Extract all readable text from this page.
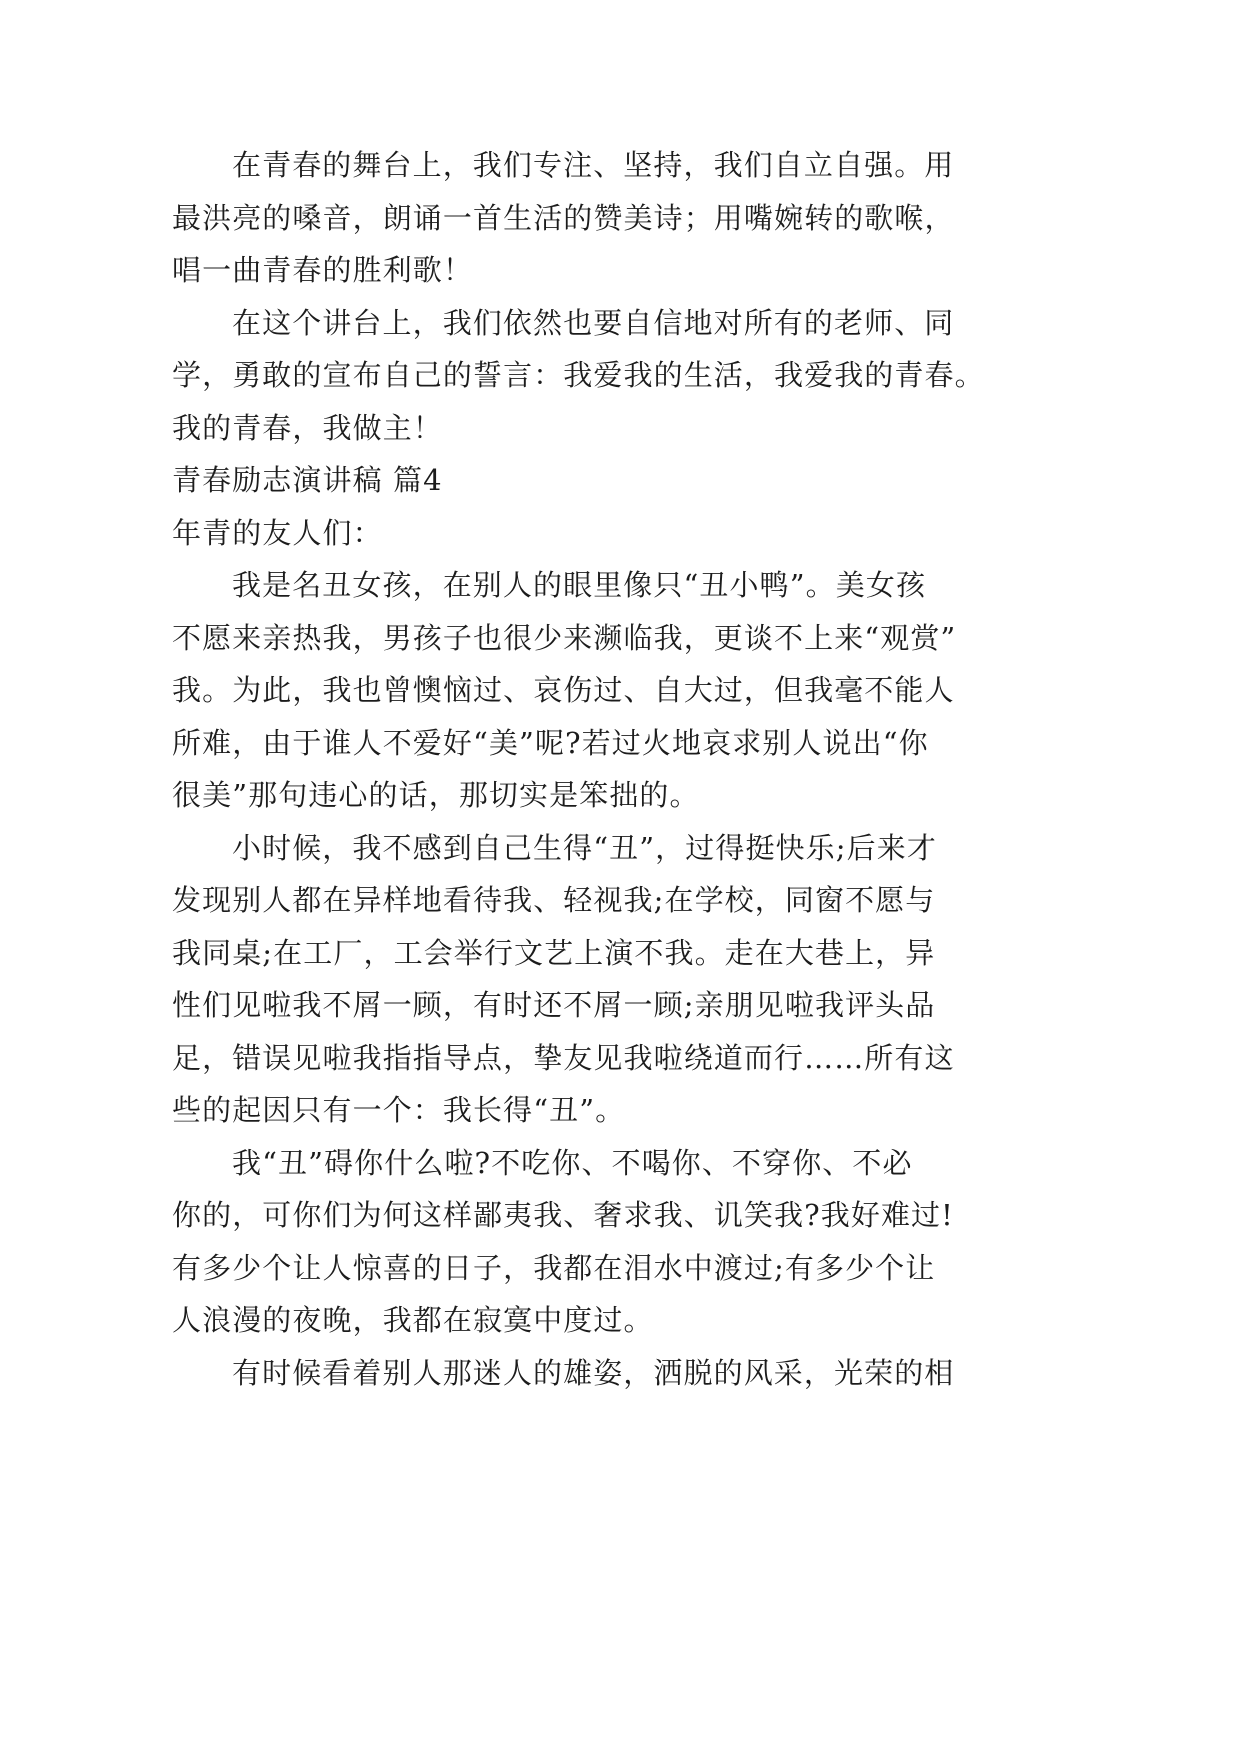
在青春的舞台上，我们专注、坚持，我们自立自强。用
最洪亮的嗓音，朗诵一首生活的赞美诗；用嘴婉转的歌喉，
唱一曲青春的胜利歌！
在这个讲台上，我们依然也要自信地对所有的老师、同
学，勇敢的宣布自己的誓言：我爱我的生活，我爱我的青春。
我的青春，我做主！
青春励志演讲稿 篇4
年青的友人们：
我是名丑女孩，在别人的眼里像只“丑小鸭”。美女孩
不愿来亲热我，男孩子也很少来濒临我，更谈不上来“观赏”
我。为此，我也曾懊恼过、哀伤过、自大过，但我毫不能人
所难，由于谁人不爱好“美”呢?若过火地哀求别人说出“你
很美”那句违心的话，那切实是笨拙的。
小时候，我不感到自己生得“丑”，过得挺快乐;后来才
发现别人都在异样地看待我、轻视我;在学校，同窗不愿与
我同桌;在工厂，工会举行文艺上演不我。走在大巷上，异
性们见啦我不屑一顾，有时还不屑一顾;亲朋见啦我评头品
足，错误见啦我指指导点，挚友见我啦绕道而行……所有这
些的起因只有一个：我长得“丑”。
我“丑”碍你什么啦?不吃你、不喝你、不穿你、不必
你的，可你们为何这样鄙夷我、奢求我、讥笑我?我好难过!
有多少个让人惊喜的日子，我都在泪水中渡过;有多少个让
人浪漫的夜晚，我都在寂寞中度过。
有时候看着别人那迷人的雄姿，洒脱的风采，光荣的相
